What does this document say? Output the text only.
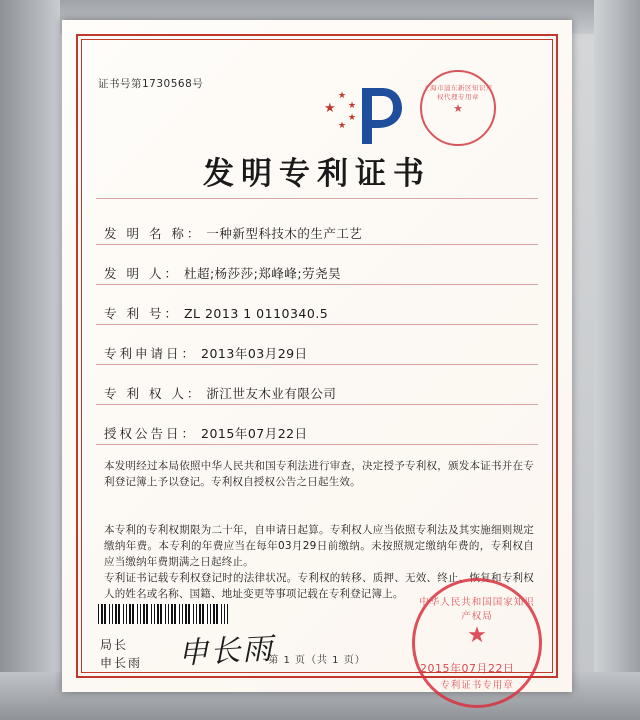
证书号第1730568号
★
★
★
★
★
上海市浦东新区知识产权代理专用章
★
发明专利证书
发 明 名 称： 一种新型科技木的生产工艺
发 明 人： 杜超;杨莎莎;郑峰峰;劳尧昊
专 利 号： ZL 2013 1 0110340.5
专利申请日： 2013年03月29日
专 利 权 人： 浙江世友木业有限公司
授权公告日： 2015年07月22日
本发明经过本局依照中华人民共和国专利法进行审查，决定授予专利权，颁发本证书并在专利登记簿上予以登记。专利权自授权公告之日起生效。
本专利的专利权期限为二十年，自申请日起算。专利权人应当依照专利法及其实施细则规定缴纳年费。本专利的年费应当在每年03月29日前缴纳。未按照规定缴纳年费的，专利权自应当缴纳年费期满之日起终止。
专利证书记载专利权登记时的法律状况。专利权的转移、质押、无效、终止、恢复和专利权人的姓名或名称、国籍、地址变更等事项记载在专利登记簿上。
局长
申长雨 申长雨
中华人民共和国国家知识产权局
★
专利证书专用章
2015年07月22日
第 1 页（共 1 页）
